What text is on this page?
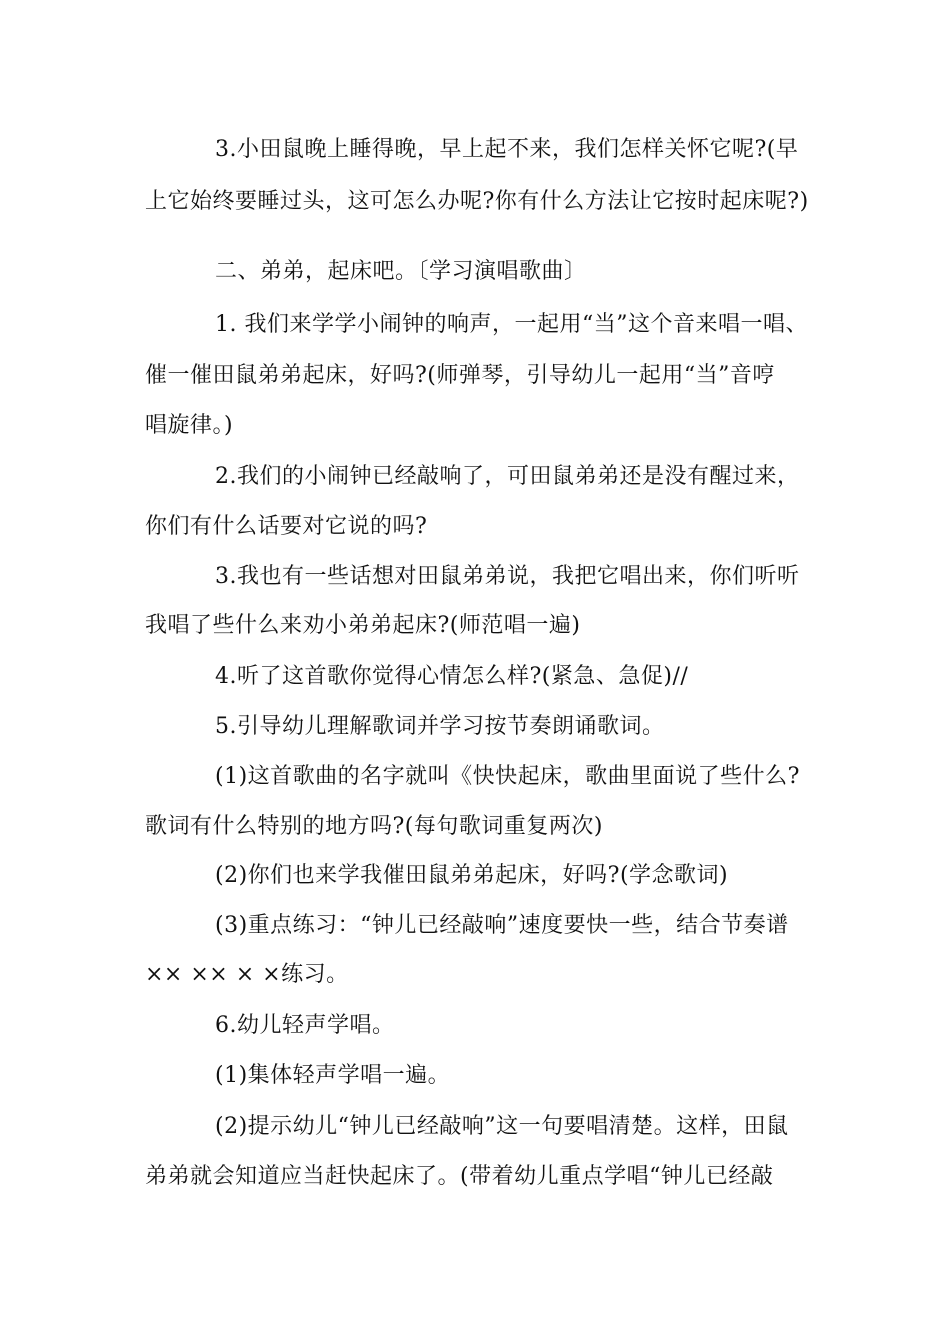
3.小田鼠晚上睡得晚，早上起不来，我们怎样关怀它呢?(早
上它始终要睡过头，这可怎么办呢?你有什么方法让它按时起床呢?)
二、弟弟，起床吧。〔学习演唱歌曲〕
1. 我们来学学小闹钟的响声，一起用“当”这个音来唱一唱、
催一催田鼠弟弟起床，好吗?(师弹琴，引导幼儿一起用“当”音哼
唱旋律。)
2.我们的小闹钟已经敲响了，可田鼠弟弟还是没有醒过来，
你们有什么话要对它说的吗?
3.我也有一些话想对田鼠弟弟说，我把它唱出来，你们听听
我唱了些什么来劝小弟弟起床?(师范唱一遍)
4.听了这首歌你觉得心情怎么样?(紧急、急促)//
5.引导幼儿理解歌词并学习按节奏朗诵歌词。
(1)这首歌曲的名字就叫《快快起床，歌曲里面说了些什么?
歌词有什么特别的地方吗?(每句歌词重复两次)
(2)你们也来学我催田鼠弟弟起床，好吗?(学念歌词)
(3)重点练习：“钟儿已经敲响”速度要快一些，结合节奏谱
×× ×× × ×练习。
6.幼儿轻声学唱。
(1)集体轻声学唱一遍。
(2)提示幼儿“钟儿已经敲响”这一句要唱清楚。这样，田鼠
弟弟就会知道应当赶快起床了。(带着幼儿重点学唱“钟儿已经敲
